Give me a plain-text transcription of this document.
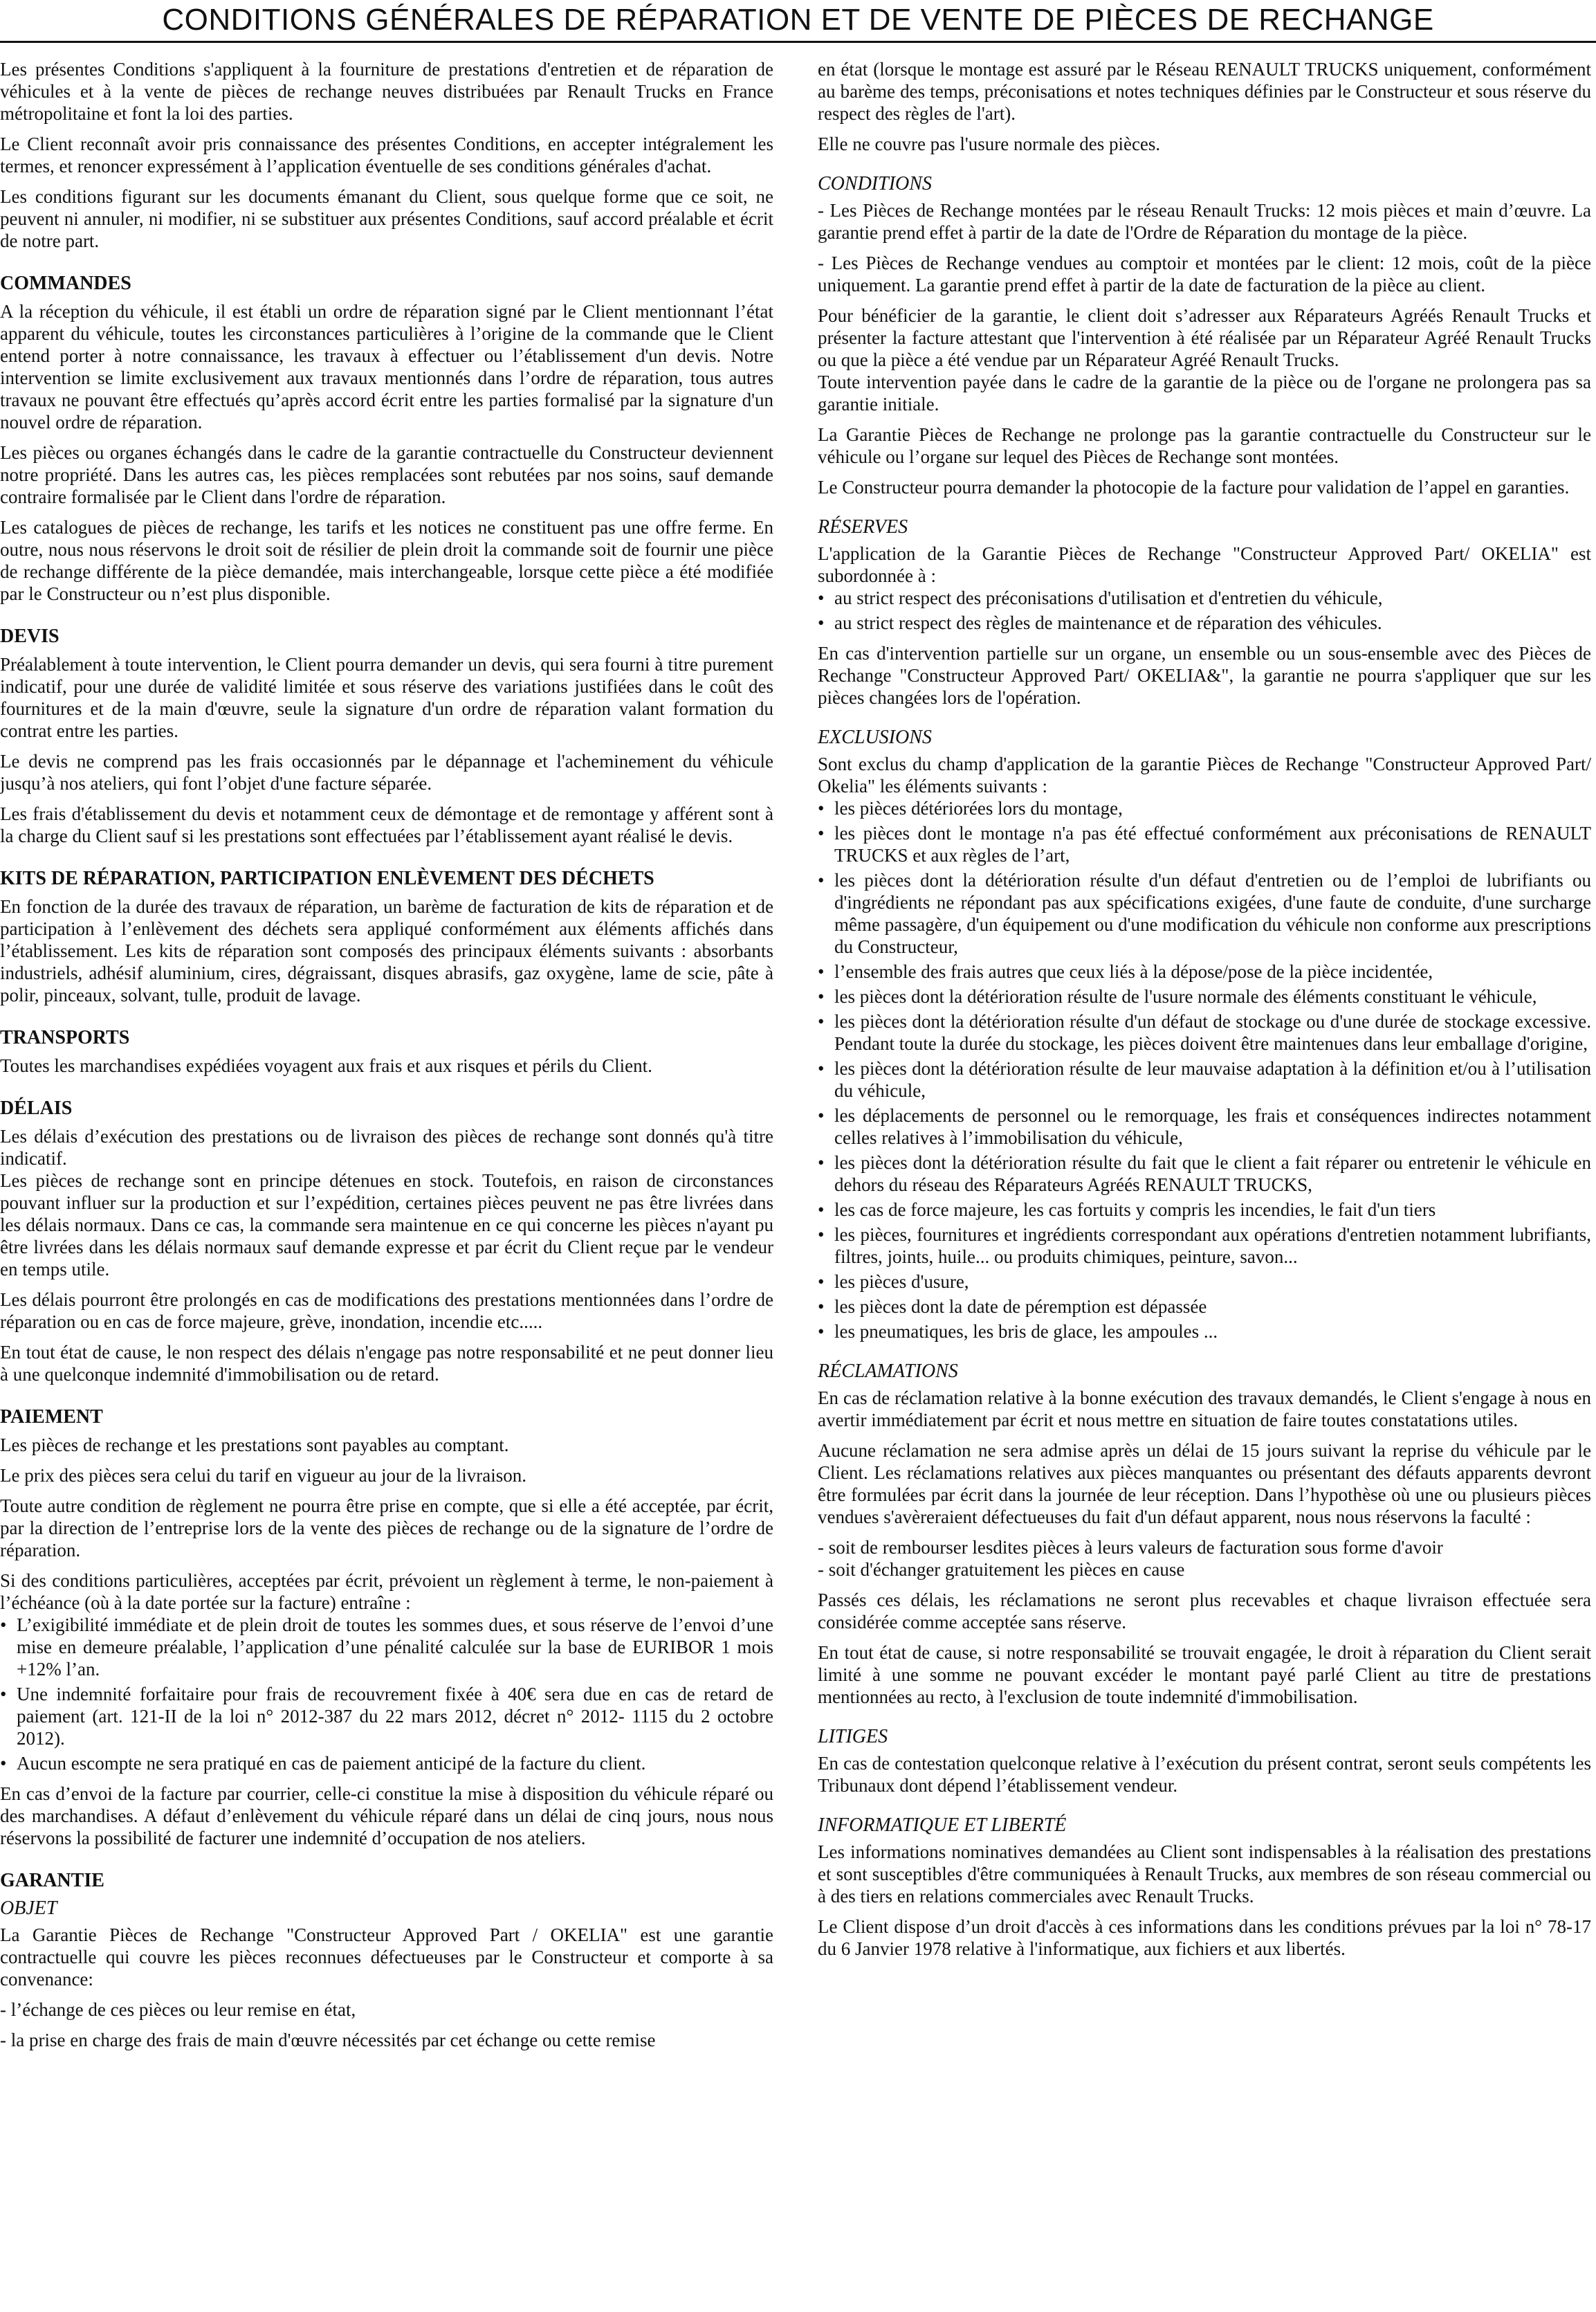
CONDITIONS GÉNÉRALES DE RÉPARATION ET DE VENTE DE PIÈCES DE RECHANGE

Les présentes Conditions s'appliquent à la fourniture de prestations d'entretien et de réparation de véhicules et à la vente de pièces de rechange neuves distribuées par Renault Trucks en France métropolitaine et font la loi des parties.

Le Client reconnaît avoir pris connaissance des présentes Conditions, en accepter intégralement les termes, et renoncer expressément à l’application éventuelle de ses conditions générales d'achat.

Les conditions figurant sur les documents émanant du Client, sous quelque forme que ce soit, ne peuvent ni annuler, ni modifier, ni se substituer aux présentes Conditions, sauf accord préalable et écrit de notre part.

COMMANDES

A la réception du véhicule, il est établi un ordre de réparation signé par le Client mentionnant l’état apparent du véhicule, toutes les circonstances particulières à l’origine de la commande que le Client entend porter à notre connaissance, les travaux à effectuer ou l’établissement d'un devis. Notre intervention se limite exclusivement aux travaux mentionnés dans l’ordre de réparation, tous autres travaux ne pouvant être effectués qu’après accord écrit entre les parties formalisé par la signature d'un nouvel ordre de réparation.

Les pièces ou organes échangés dans le cadre de la garantie contractuelle du Constructeur deviennent notre propriété. Dans les autres cas, les pièces remplacées sont rebutées par nos soins, sauf demande contraire formalisée par le Client dans l'ordre de réparation.

Les catalogues de pièces de rechange, les tarifs et les notices ne constituent pas une offre ferme. En outre, nous nous réservons le droit soit de résilier de plein droit la commande soit de fournir une pièce de rechange différente de la pièce demandée, mais interchangeable, lorsque cette pièce a été modifiée par le Constructeur ou n’est plus disponible.

DEVIS

Préalablement à toute intervention, le Client pourra demander un devis, qui sera fourni à titre purement indicatif, pour une durée de validité limitée et sous réserve des variations justifiées dans le coût des fournitures et de la main d'œuvre, seule la signature d'un ordre de réparation valant formation du contrat entre les parties.

Le devis ne comprend pas les frais occasionnés par le dépannage et l'acheminement du véhicule jusqu’à nos ateliers, qui font l’objet d'une facture séparée.

Les frais d'établissement du devis et notamment ceux de démontage et de remontage y afférent sont à la charge du Client sauf si les prestations sont effectuées par l’établissement ayant réalisé le devis.

KITS DE RÉPARATION, PARTICIPATION ENLÈVEMENT DES DÉCHETS

En fonction de la durée des travaux de réparation, un barème de facturation de kits de réparation et de participation à l’enlèvement des déchets sera appliqué conformément aux éléments affichés dans l’établissement. Les kits de réparation sont composés des principaux éléments suivants : absorbants industriels, adhésif aluminium, cires, dégraissant, disques abrasifs, gaz oxygène, lame de scie, pâte à polir, pinceaux, solvant, tulle, produit de lavage.

TRANSPORTS

Toutes les marchandises expédiées voyagent aux frais et aux risques et périls du Client.

DÉLAIS

Les délais d’exécution des prestations ou de livraison des pièces de rechange sont donnés qu'à titre indicatif.

Les pièces de rechange sont en principe détenues en stock. Toutefois, en raison de circonstances pouvant influer sur la production et sur l’expédition, certaines pièces peuvent ne pas être livrées dans les délais normaux. Dans ce cas, la commande sera maintenue en ce qui concerne les pièces n'ayant pu être livrées dans les délais normaux sauf demande expresse et par écrit du Client reçue par le vendeur en temps utile.

Les délais pourront être prolongés en cas de modifications des prestations mentionnées dans l’ordre de réparation ou en cas de force majeure, grève, inondation, incendie etc.....

En tout état de cause, le non respect des délais n'engage pas notre responsabilité et ne peut donner lieu à une quelconque indemnité d'immobilisation ou de retard.

PAIEMENT

Les pièces de rechange et les prestations sont payables au comptant.

Le prix des pièces sera celui du tarif en vigueur au jour de la livraison.

Toute autre condition de règlement ne pourra être prise en compte, que si elle a été acceptée, par écrit, par la direction de l’entreprise lors de la vente des pièces de rechange ou de la signature de l’ordre de réparation.

Si des conditions particulières, acceptées par écrit, prévoient un règlement à terme, le non-paiement à l’échéance (où à la date portée sur la facture) entraîne :

• L’exigibilité immédiate et de plein droit de toutes les sommes dues, et sous réserve de l’envoi d’une mise en demeure préalable, l’application d’une pénalité calculée sur la base de EURIBOR 1 mois +12% l’an.
• Une indemnité forfaitaire pour frais de recouvrement fixée à 40€ sera due en cas de retard de paiement (art. 121-II de la loi n° 2012-387 du 22 mars 2012, décret n° 2012- 1115 du 2 octobre 2012).
• Aucun escompte ne sera pratiqué en cas de paiement anticipé de la facture du client.

En cas d’envoi de la facture par courrier, celle-ci constitue la mise à disposition du véhicule réparé ou des marchandises. A défaut d’enlèvement du véhicule réparé dans un délai de cinq jours, nous nous réservons la possibilité de facturer une indemnité d’occupation de nos ateliers.

GARANTIE
OBJET

La Garantie Pièces de Rechange "Constructeur Approved Part / OKELIA" est une garantie contractuelle qui couvre les pièces reconnues défectueuses par le Constructeur et comporte à sa convenance:

- l’échange de ces pièces ou leur remise en état,

- la prise en charge des frais de main d'œuvre nécessités par cet échange ou cette remise

en état (lorsque le montage est assuré par le Réseau RENAULT TRUCKS uniquement, conformément au barème des temps, préconisations et notes techniques définies par le Constructeur et sous réserve du respect des règles de l'art).

Elle ne couvre pas l'usure normale des pièces.

CONDITIONS

- Les Pièces de Rechange montées par le réseau Renault Trucks: 12 mois pièces et main d’œuvre. La garantie prend effet à partir de la date de l'Ordre de Réparation du montage de la pièce.

- Les Pièces de Rechange vendues au comptoir et montées par le client: 12 mois, coût de la pièce uniquement. La garantie prend effet à partir de la date de facturation de la pièce au client.

Pour bénéficier de la garantie, le client doit s’adresser aux Réparateurs Agréés Renault Trucks et présenter la facture attestant que l'intervention à été réalisée par un Réparateur Agréé Renault Trucks ou que la pièce a été vendue par un Réparateur Agréé Renault Trucks.

Toute intervention payée dans le cadre de la garantie de la pièce ou de l'organe ne prolongera pas sa garantie initiale.

La Garantie Pièces de Rechange ne prolonge pas la garantie contractuelle du Constructeur sur le véhicule ou l’organe sur lequel des Pièces de Rechange sont montées.

Le Constructeur pourra demander la photocopie de la facture pour validation de l’appel en garanties.

RÉSERVES

L'application de la Garantie Pièces de Rechange "Constructeur Approved Part/ OKELIA" est subordonnée à :

• au strict respect des préconisations d'utilisation et d'entretien du véhicule,
• au strict respect des règles de maintenance et de réparation des véhicules.

En cas d'intervention partielle sur un organe, un ensemble ou un sous-ensemble avec des Pièces de Rechange "Constructeur Approved Part/ OKELIA&", la garantie ne pourra s'appliquer que sur les pièces changées lors de l'opération.

EXCLUSIONS

Sont exclus du champ d'application de la garantie Pièces de Rechange "Constructeur Approved Part/ Okelia" les éléments suivants :

• les pièces détériorées lors du montage,
• les pièces dont le montage n'a pas été effectué conformément aux préconisations de RENAULT TRUCKS et aux règles de l’art,
• les pièces dont la détérioration résulte d'un défaut d'entretien ou de l’emploi de lubrifiants ou d'ingrédients ne répondant pas aux spécifications exigées, d'une faute de conduite, d'une surcharge même passagère, d'un équipement ou d'une modification du véhicule non conforme aux prescriptions du Constructeur,
• l’ensemble des frais autres que ceux liés à la dépose/pose de la pièce incidentée,
• les pièces dont la détérioration résulte de l'usure normale des éléments constituant le véhicule,
• les pièces dont la détérioration résulte d'un défaut de stockage ou d'une durée de stockage excessive. Pendant toute la durée du stockage, les pièces doivent être maintenues dans leur emballage d'origine,
• les pièces dont la détérioration résulte de leur mauvaise adaptation à la définition et/ou à l’utilisation du véhicule,
• les déplacements de personnel ou le remorquage, les frais et conséquences indirectes notamment celles relatives à l’immobilisation du véhicule,
• les pièces dont la détérioration résulte du fait que le client a fait réparer ou entretenir le véhicule en dehors du réseau des Réparateurs Agréés RENAULT TRUCKS,
• les cas de force majeure, les cas fortuits y compris les incendies, le fait d'un tiers
• les pièces, fournitures et ingrédients correspondant aux opérations d'entretien notamment lubrifiants, filtres, joints, huile... ou produits chimiques, peinture, savon...
• les pièces d'usure,
• les pièces dont la date de péremption est dépassée
• les pneumatiques, les bris de glace, les ampoules ...
RÉCLAMATIONS

En cas de réclamation relative à la bonne exécution des travaux demandés, le Client s'engage à nous en avertir immédiatement par écrit et nous mettre en situation de faire toutes constatations utiles.

Aucune réclamation ne sera admise après un délai de 15 jours suivant la reprise du véhicule par le Client. Les réclamations relatives aux pièces manquantes ou présentant des défauts apparents devront être formulées par écrit dans la journée de leur réception. Dans l’hypothèse où une ou plusieurs pièces vendues s'avèreraient défectueuses du fait d'un défaut apparent, nous nous réservons la faculté :

- soit de rembourser lesdites pièces à leurs valeurs de facturation sous forme d'avoir

- soit d'échanger gratuitement les pièces en cause

Passés ces délais, les réclamations ne seront plus recevables et chaque livraison effectuée sera considérée comme acceptée sans réserve.

En tout état de cause, si notre responsabilité se trouvait engagée, le droit à réparation du Client serait limité à une somme ne pouvant excéder le montant payé parlé Client au titre de prestations mentionnées au recto, à l'exclusion de toute indemnité d'immobilisation.

LITIGES

En cas de contestation quelconque relative à l’exécution du présent contrat, seront seuls compétents les Tribunaux dont dépend l’établissement vendeur.

INFORMATIQUE ET LIBERTÉ

Les informations nominatives demandées au Client sont indispensables à la réalisation des prestations et sont susceptibles d'être communiquées à Renault Trucks, aux membres de son réseau commercial ou à des tiers en relations commerciales avec Renault Trucks.

Le Client dispose d’un droit d'accès à ces informations dans les conditions prévues par la loi n° 78-17 du 6 Janvier 1978 relative à l'informatique, aux fichiers et aux libertés.
